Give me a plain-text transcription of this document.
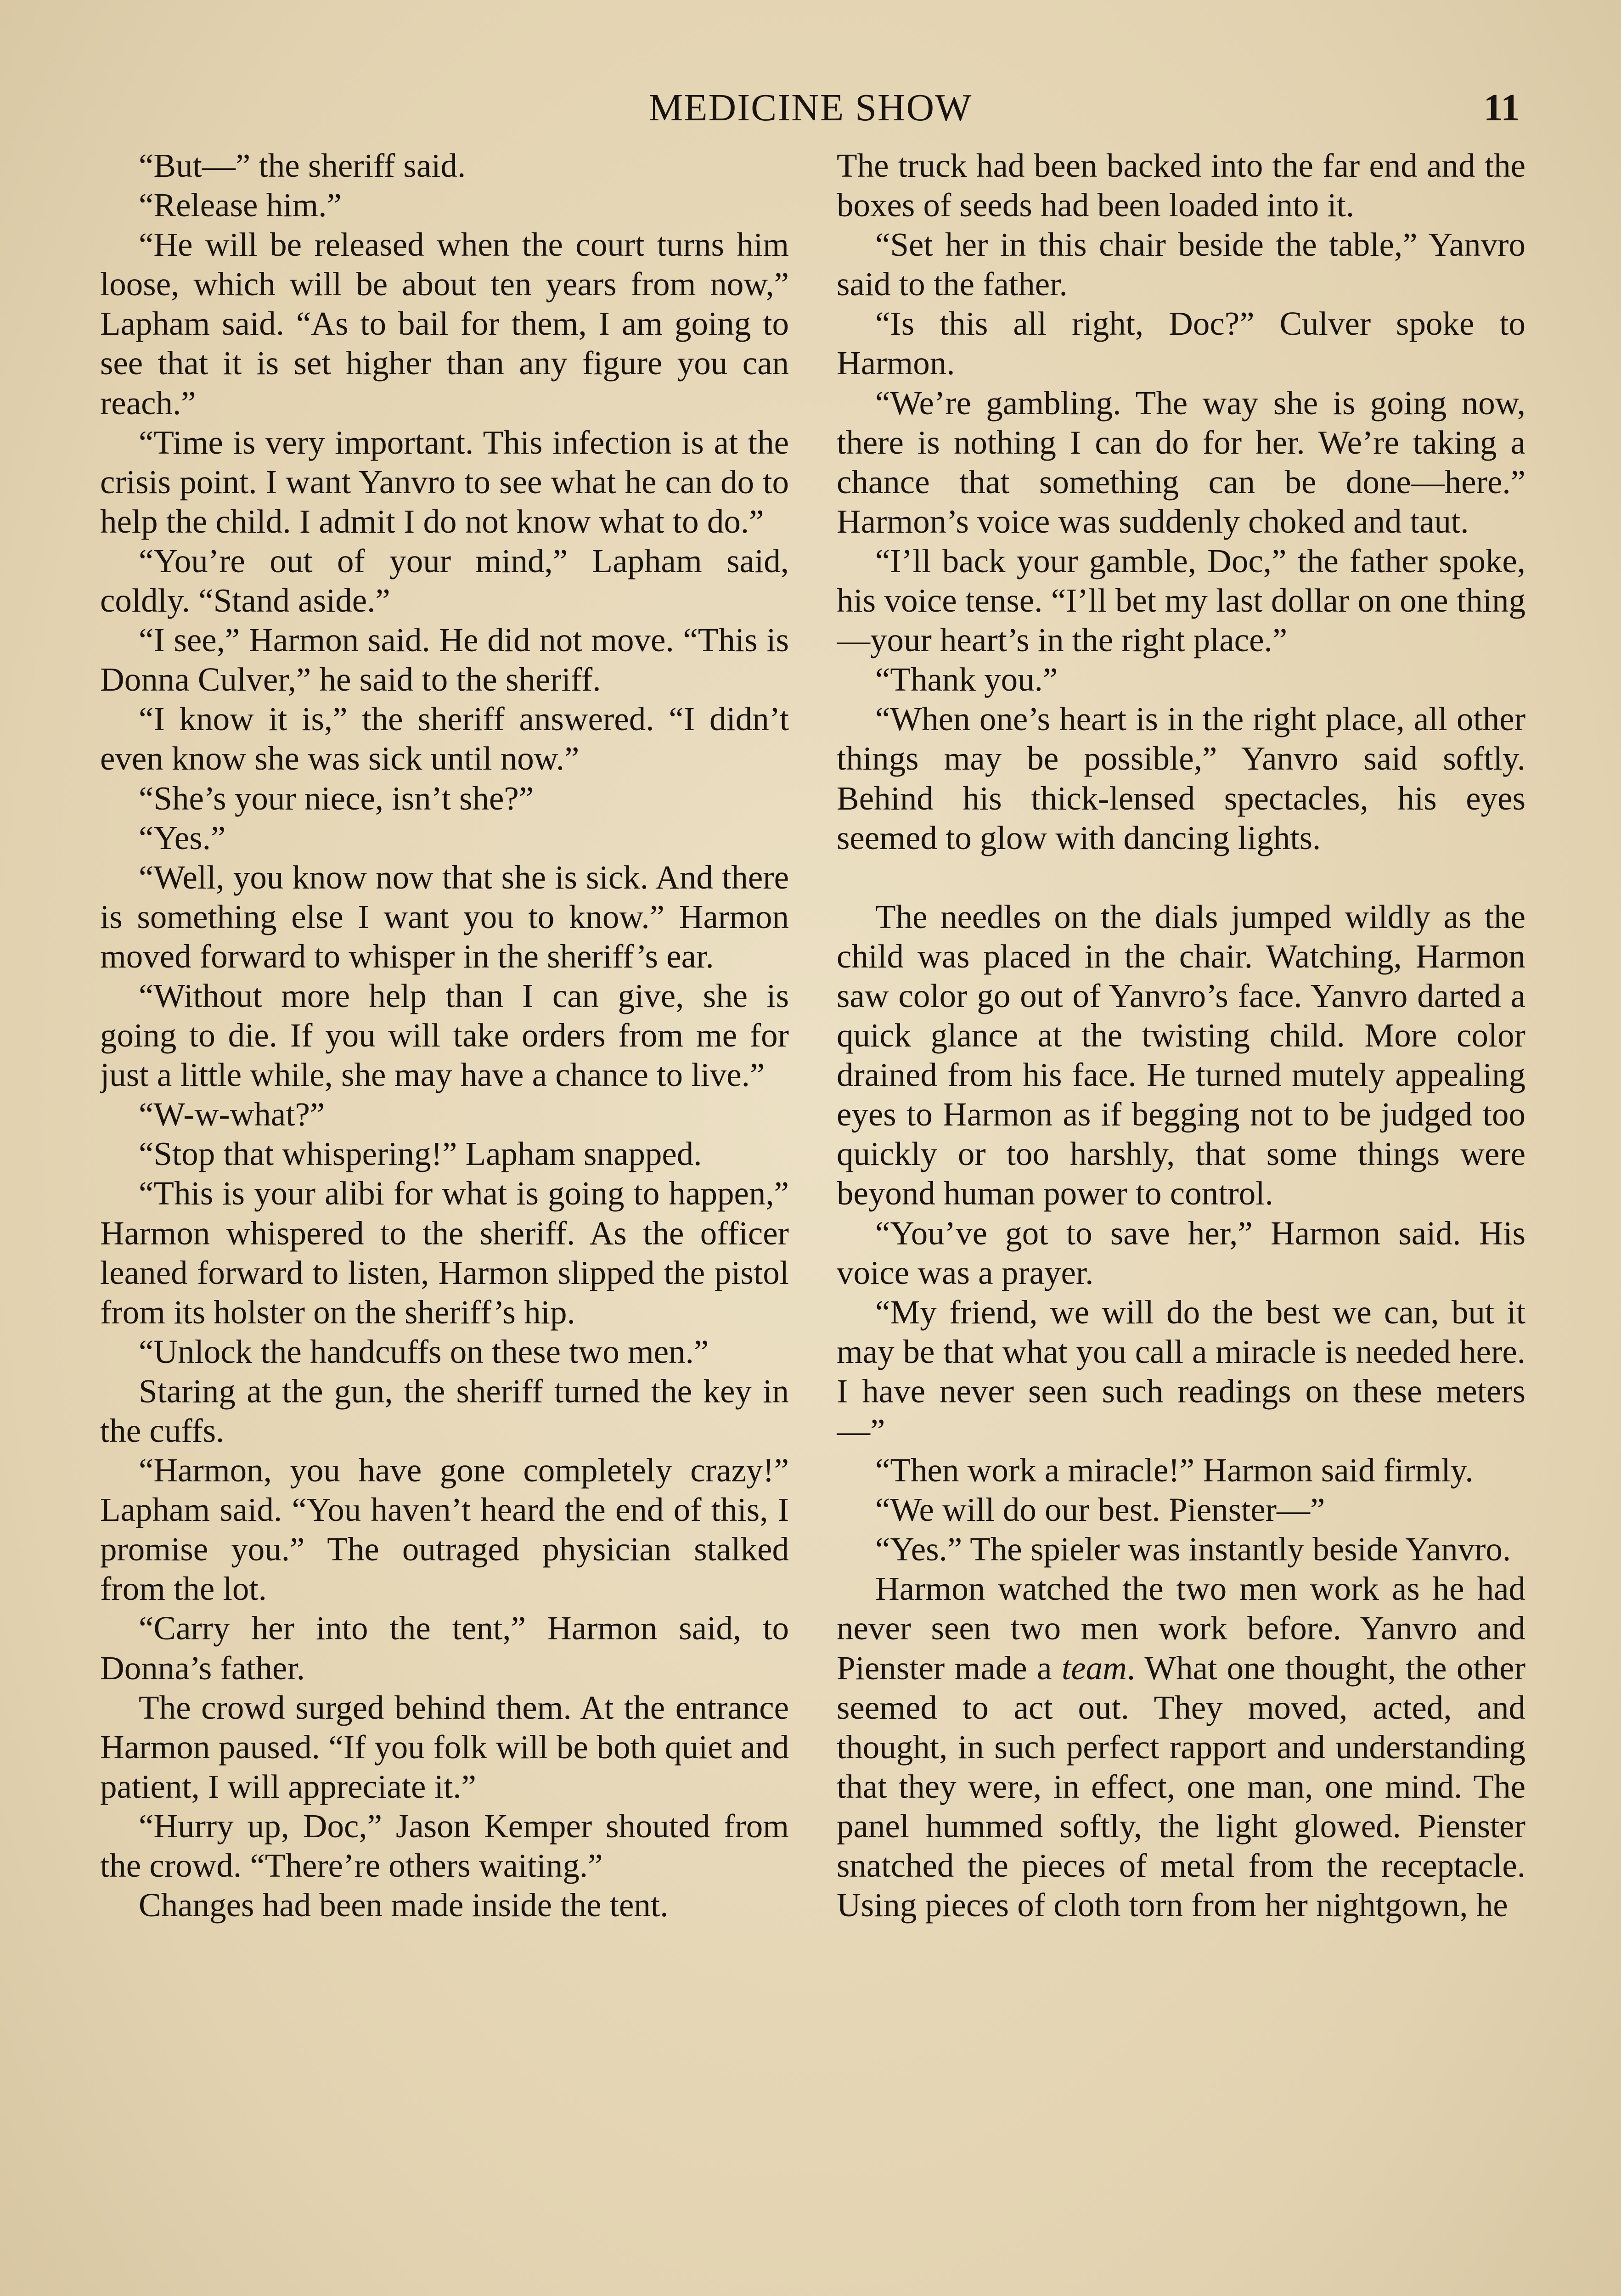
MEDICINE SHOW	11

“But—” the sheriff said.

“Release him.”

“He will be released when the court turns him loose, which will be about ten years from now,” Lapham said. “As to bail for them, I am going to see that it is set higher than any figure you can reach.”

“Time is very important. This infection is at the crisis point. I want Yanvro to see what he can do to help the child. I admit I do not know what to do.”

“You’re out of your mind,” Lapham said, coldly. “Stand aside.”

“I see,” Harmon said. He did not move. “This is Donna Culver,” he said to the sheriff.

“I know it is,” the sheriff answered. “I didn’t even know she was sick until now.”

“She’s your niece, isn’t she?”

“Yes.”

“Well, you know now that she is sick. And there is something else I want you to know.” Harmon moved forward to whisper in the sheriff’s ear.

“Without more help than I can give, she is going to die. If you will take orders from me for just a little while, she may have a chance to live.”

“W-w-what?”

“Stop that whispering!” Lapham snapped.

“This is your alibi for what is going to happen,” Harmon whispered to the sheriff. As the officer leaned forward to listen, Harmon slipped the pistol from its holster on the sheriff’s hip.

“Unlock the handcuffs on these two men.”

Staring at the gun, the sheriff turned the key in the cuffs.

“Harmon, you have gone completely crazy!” Lapham said. “You haven’t heard the end of this, I promise you.” The outraged physician stalked from the lot.

“Carry her into the tent,” Harmon said, to Donna’s father.

The crowd surged behind them. At the entrance Harmon paused. “If you folk will be both quiet and patient, I will appreciate it.”

“Hurry up, Doc,” Jason Kemper shouted from the crowd. “There’re others waiting.”

Changes had been made inside the tent.

The truck had been backed into the far end and the boxes of seeds had been loaded into it.

“Set her in this chair beside the table,” Yanvro said to the father.

“Is this all right, Doc?” Culver spoke to Harmon.

“We’re gambling. The way she is going now, there is nothing I can do for her. We’re taking a chance that something can be done—here.” Harmon’s voice was suddenly choked and taut.

“I’ll back your gamble, Doc,” the father spoke, his voice tense. “I’ll bet my last dollar on one thing—your heart’s in the right place.”

“Thank you.”

“When one’s heart is in the right place, all other things may be possible,” Yanvro said softly. Behind his thick-lensed spectacles, his eyes seemed to glow with dancing lights.

The needles on the dials jumped wildly as the child was placed in the chair. Watching, Harmon saw color go out of Yanvro’s face. Yanvro darted a quick glance at the twisting child. More color drained from his face. He turned mutely appealing eyes to Harmon as if begging not to be judged too quickly or too harshly, that some things were beyond human power to control.

“You’ve got to save her,” Harmon said. His voice was a prayer.

“My friend, we will do the best we can, but it may be that what you call a miracle is needed here. I have never seen such readings on these meters—”

“Then work a miracle!” Harmon said firmly.

“We will do our best. Pienster—”

“Yes.” The spieler was instantly beside Yanvro.

Harmon watched the two men work as he had never seen two men work before. Yanvro and Pienster made a team. What one thought, the other seemed to act out. They moved, acted, and thought, in such perfect rapport and understanding that they were, in effect, one man, one mind. The panel hummed softly, the light glowed. Pienster snatched the pieces of metal from the receptacle. Using pieces of cloth torn from her nightgown, he
